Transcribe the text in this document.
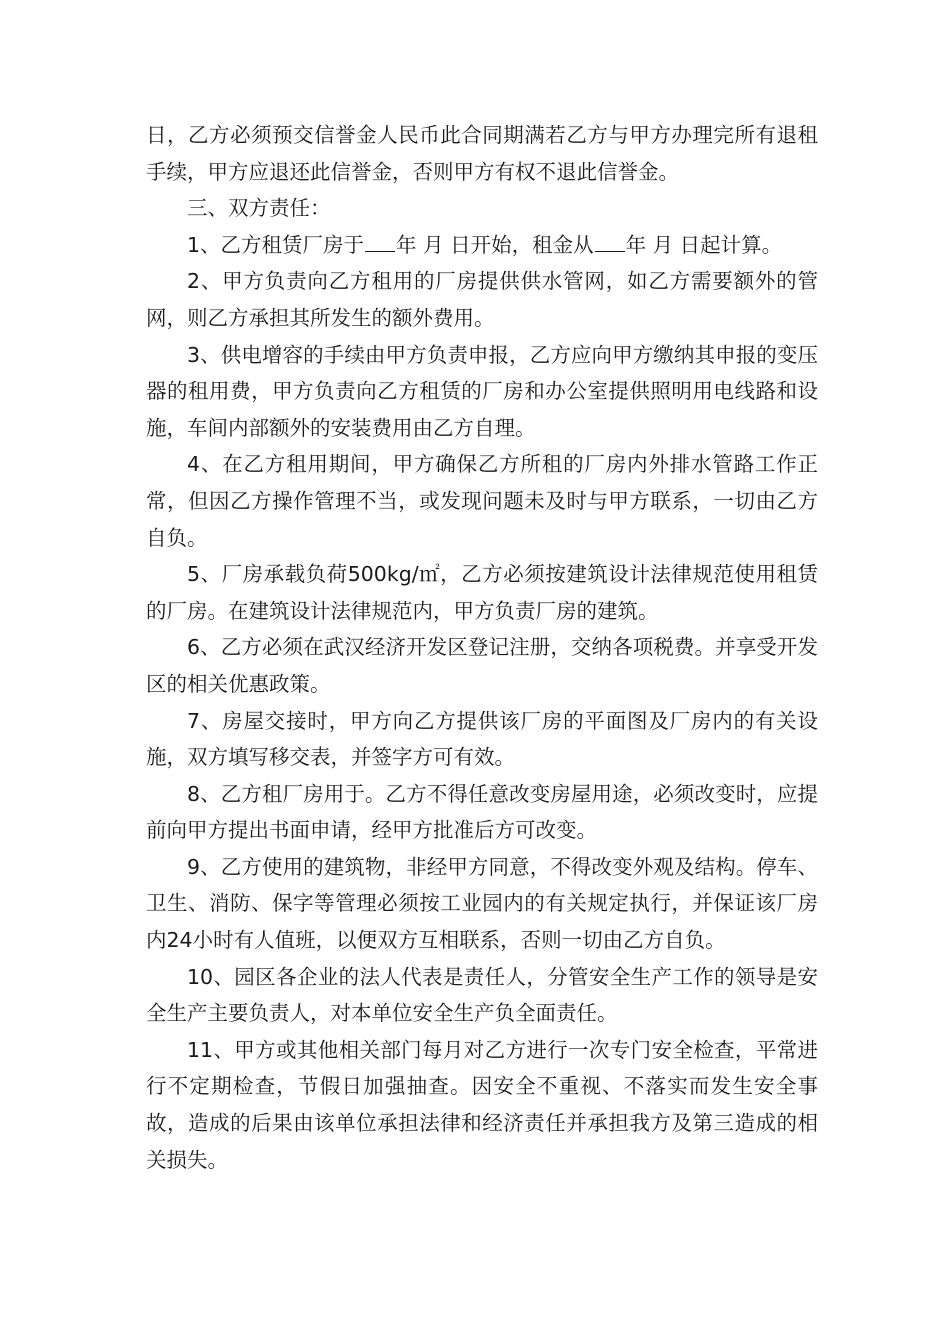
日，乙方必须预交信誉金人民币此合同期满若乙方与甲方办理完所有退租手续，甲方应退还此信誉金，否则甲方有权不退此信誉金。

三、双方责任：

1、乙方租赁厂房于 年 月 日开始，租金从 年 月 日起计算。

2、甲方负责向乙方租用的厂房提供供水管网，如乙方需要额外的管网，则乙方承担其所发生的额外费用。

3、供电增容的手续由甲方负责申报，乙方应向甲方缴纳其申报的变压器的租用费，甲方负责向乙方租赁的厂房和办公室提供照明用电线路和设施，车间内部额外的安装费用由乙方自理。

4、在乙方租用期间，甲方确保乙方所租的厂房内外排水管路工作正常，但因乙方操作管理不当，或发现问题未及时与甲方联系，一切由乙方自负。

5、厂房承载负荷500kg/㎡，乙方必须按建筑设计法律规范使用租赁的厂房。在建筑设计法律规范内，甲方负责厂房的建筑。

6、乙方必须在武汉经济开发区登记注册，交纳各项税费。并享受开发区的相关优惠政策。

7、房屋交接时，甲方向乙方提供该厂房的平面图及厂房内的有关设施，双方填写移交表，并签字方可有效。

8、乙方租厂房用于。乙方不得任意改变房屋用途，必须改变时，应提前向甲方提出书面申请，经甲方批准后方可改变。

9、乙方使用的建筑物，非经甲方同意，不得改变外观及结构。停车、卫生、消防、保字等管理必须按工业园内的有关规定执行，并保证该厂房内24小时有人值班，以便双方互相联系，否则一切由乙方自负。

10、园区各企业的法人代表是责任人，分管安全生产工作的领导是安全生产主要负责人，对本单位安全生产负全面责任。

11、甲方或其他相关部门每月对乙方进行一次专门安全检查，平常进行不定期检查，节假日加强抽查。因安全不重视、不落实而发生安全事故，造成的后果由该单位承担法律和经济责任并承担我方及第三造成的相关损失。
